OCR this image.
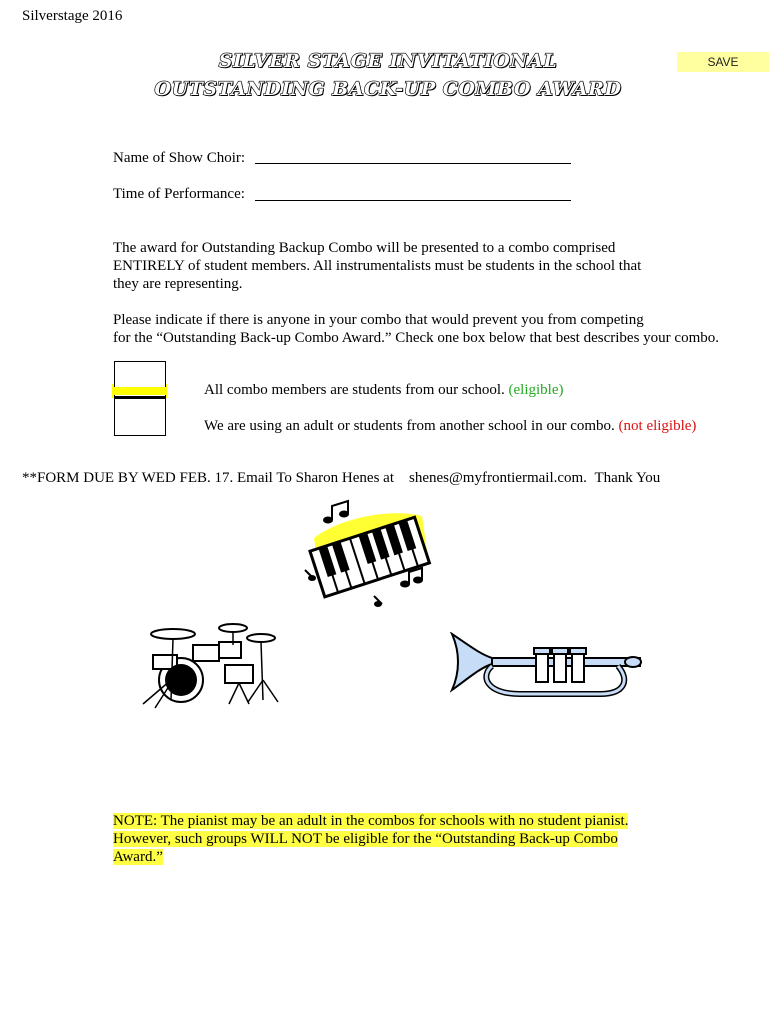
Silverstage 2016
SILVER STAGE INVITATIONAL
OUTSTANDING BACK-UP COMBO AWARD
SAVE
Name of Show Choir:
Time of Performance:
The award for Outstanding Backup Combo will be presented to a combo comprised
ENTIRELY of student members. All instrumentalists must be students in the school that
they are representing.
Please indicate if there is anyone in your combo that would prevent you from competing
for the “Outstanding Back-up Combo Award.” Check one box below that best describes your combo.
All combo members are students from our school. (eligible)
We are using an adult or students from another school in our combo. (not eligible)
**FORM DUE BY WED FEB. 17. Email To Sharon Henes at shenes@myfrontiermail.com. Thank You
NOTE: The pianist may be an adult in the combos for schools with no student pianist.
However, such groups WILL NOT be eligible for the “Outstanding Back-up Combo
Award.”
